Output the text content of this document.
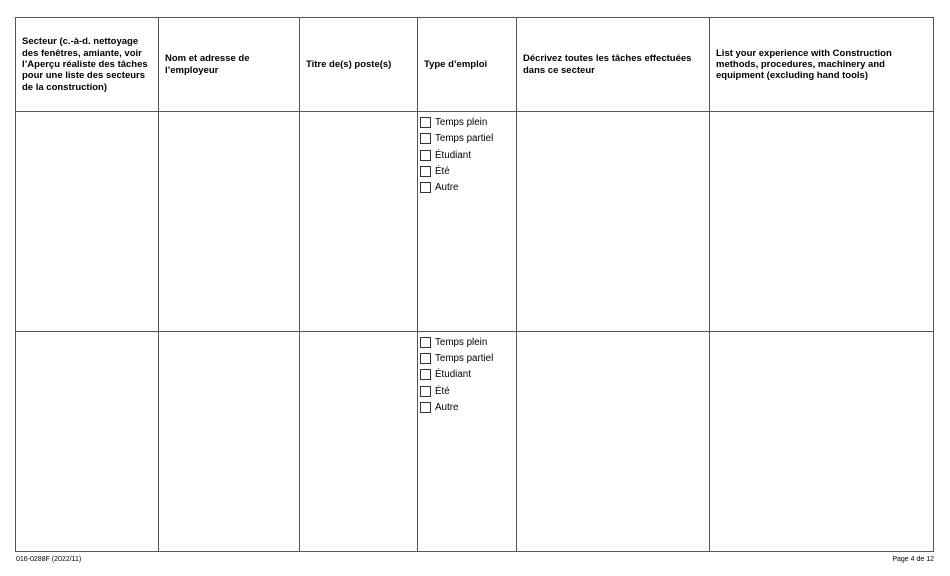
Secteur (c.-à-d. nettoyage des fenêtres, amiante, voir l’Aperçu réaliste des tâches pour une liste des secteurs de la construction)	Nom et adresse de l’employeur	Titre de(s) poste(s)	Type d’emploi	Décrivez toutes les tâches effectuées dans ce secteur	List your experience with Construction methods, procedures, machinery and equipment (excluding hand tools)

			Temps plein
Temps partiel
Étudiant
Été
Autre		

			Temps plein
Temps partiel
Étudiant
Été
Autre		

016-0288F (2022/11)	Page 4 de 12
